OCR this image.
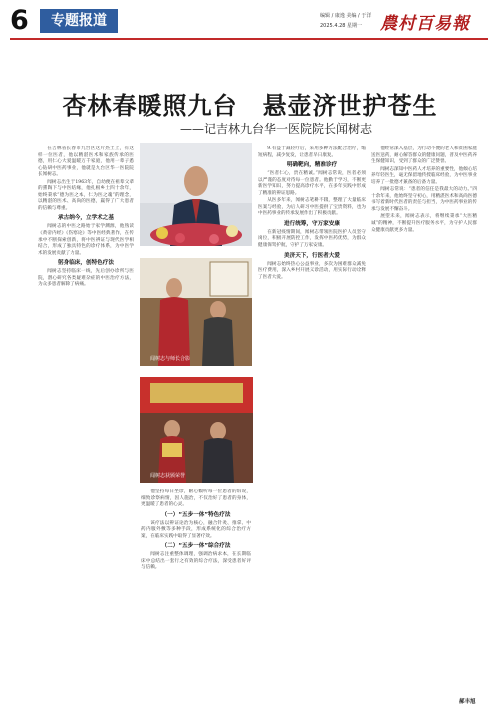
6	专题报道	编辑 / 康逸 美编 / 于洋
2025.4.28 星期一 農村百易報
杏林春暖照九台　悬壶济世护苍生
——记吉林九台华一医院院长闻树志

在吉林省长春市九台区这片热土上，有这样一位医者，他以精湛医术和家族传承的医德，用仁心大爱温暖万千家庭，他用一辈子悉心钻研中医药事业，他就是九台区华一医院院长闻树志。

闻树志出生于1963年，自幼便在祖辈父辈的熏陶下与中医结缘，他扎根乡土四十余年，始终秉承“德为医之本，仁为医之魂”的理念，以精湛的医术、高尚的医德，赢得了广大患者的信赖与尊重。

承古纳今，立学术之基

闻树志的中医之路始于家学渊源，他熟读《黄帝内经》《伤寒论》等中医经典著作，在传承中不断探索创新，将中医辨证与现代医学相结合，形成了独具特色的诊疗体系，为中医学术的发展贡献了力量。

躬身临床，创特色疗法

闻树志坚持临床一线，先后创办诊所与医院，潜心研究各类疑难杂症的中医治疗方法，为众多患者解除了病痛。

闻树志与师长合影
闻树志获颁荣誉

他坚持每日坐诊，耐心倾听每一位患者的诉说，细致诊察病情，因人施治，不仅治好了患者的身体，更温暖了患者的心灵。

（一）“五步一体”特色疗法

该疗法以辨证论治为核心，融合针灸、推拿、中药内服外敷等多种手段，形成系统化的综合治疗方案，在临床实践中取得了显著疗效。

（二）“五步一体”综合疗法

闻树志注重整体调理，强调治病求本，在长期临床中总结出一套行之有效的综合疗法，深受患者好评与信赖。

9.有益于减轻疗后，采用多种方法配合治疗，缩短病程，减少复发，让患者早日康复。

明确靶向，精准诊疗

“医者仁心，贵在精诚。”闻树志常说，医者必须以严谨的态度对待每一位患者。他勤于学习，不断更新医学知识，努力提高诊疗水平，在多年实践中形成了精准的辨证思路。

从医多年来，闻树志笔耕不辍，整理了大量临床医案与经验，为后人研习中医提供了宝贵资料，也为中医药事业的传承发展作出了积极贡献。

进行统筹，守万家安康

在新冠疫情期间，闻树志带领医院医护人员坚守岗位，积极开展防控工作，发挥中医药优势，为群众健康保驾护航，守护了万家安康。

美济天下，行医者大爱

闻树志始终热心公益事业，多次为困难群众减免医疗费用，深入乡村开展义诊活动，用实际行动诠释了医者大爱。

他经常深入基层，为行动不便的老人和贫困家庭送医送药，耐心解答群众的健康问题，普及中医药养生保健知识，受到了群众的广泛赞誉。

闻树志深知中医药人才培养的重要性，他倾心培养年轻医生，毫无保留地传授临床经验，为中医事业培养了一批德才兼备的后备力量。

闻树志常说：“患者的信任是我最大的动力。”四十余年来，他始终坚守初心，用精湛医术和高尚医德书写着新时代医者的责任与担当，为中医药事业的传承与发展不懈奋斗。

展望未来，闻树志表示，将继续秉承“大医精诚”的精神，不断提升医疗服务水平，为守护人民群众健康贡献更多力量。

郝丰旭
